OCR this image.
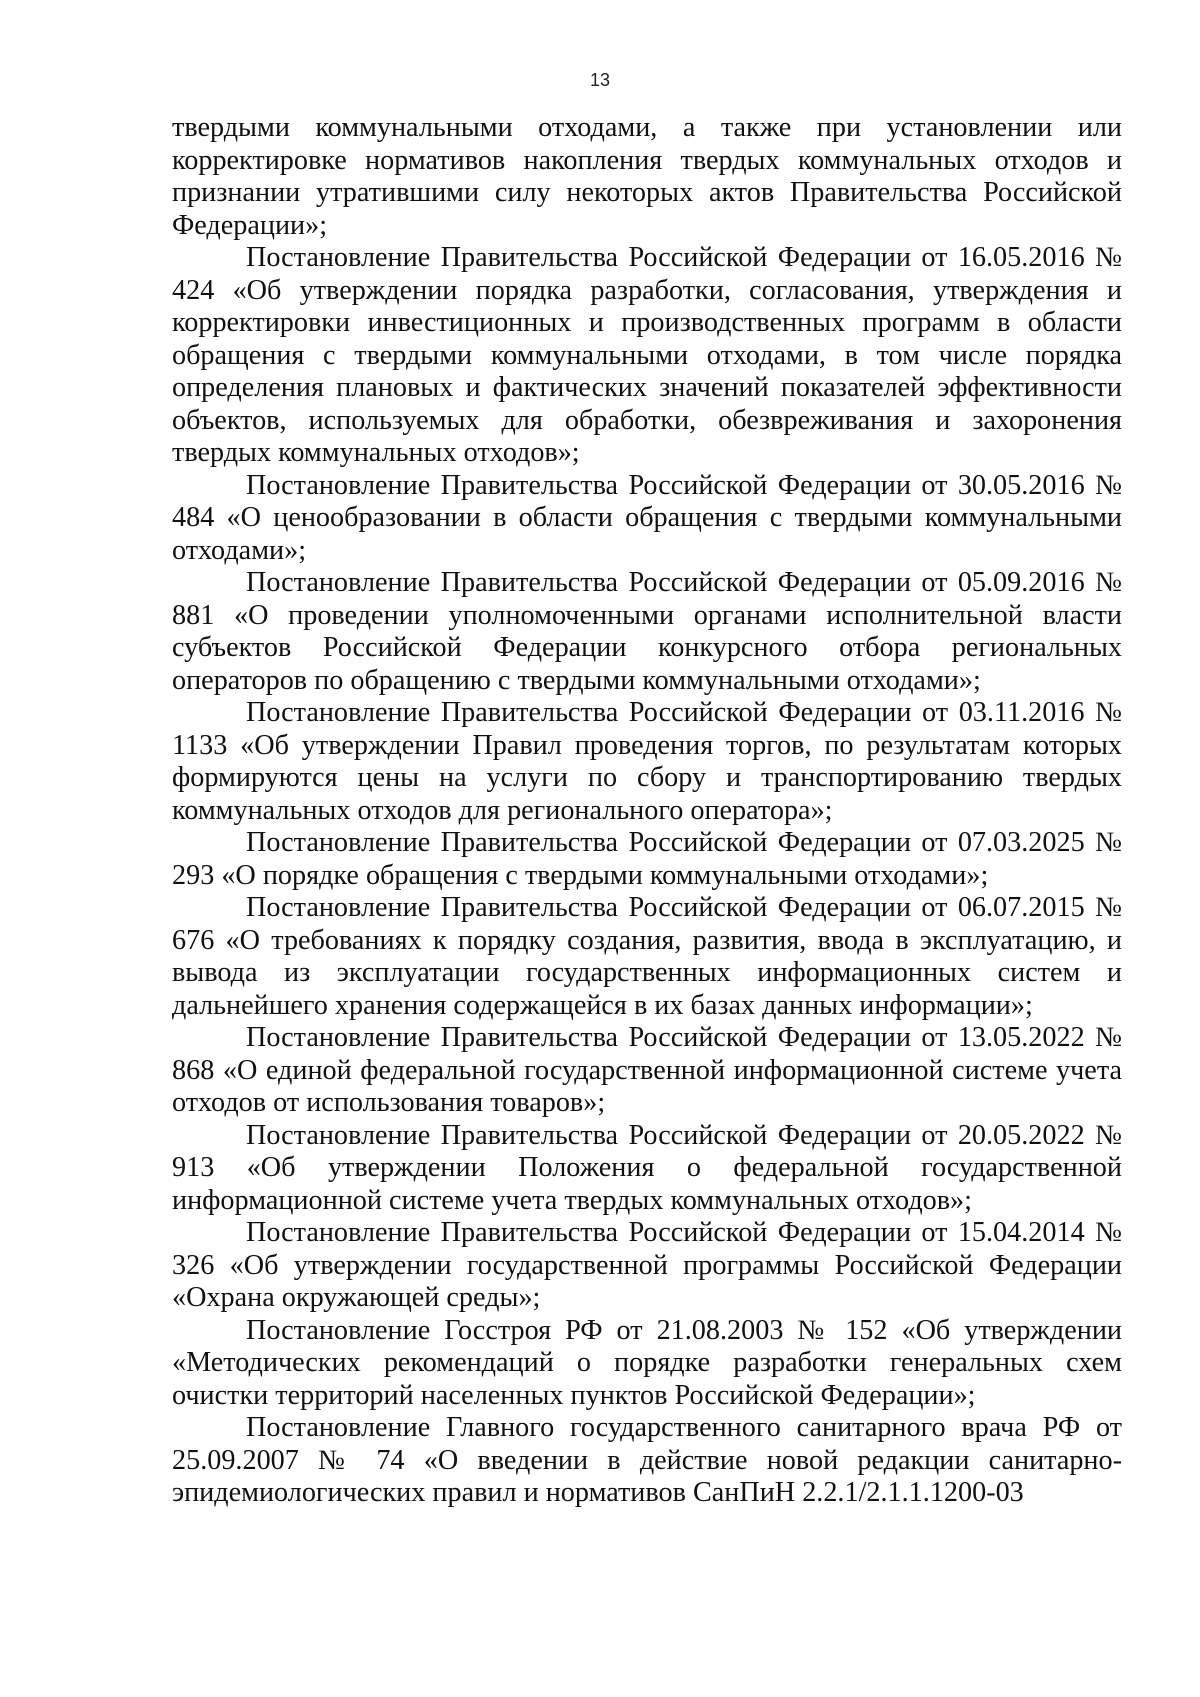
13

твердыми коммунальными отходами, а также при установлении или корректировке нормативов накопления твердых коммунальных отходов и признании утратившими силу некоторых актов Правительства Российской Федерации»;

Постановление Правительства Российской Федерации от 16.05.2016 № 424 «Об утверждении порядка разработки, согласования, утверждения и корректировки инвестиционных и производственных программ в области обращения с твердыми коммунальными отходами, в том числе порядка определения плановых и фактических значений показателей эффективности объектов, используемых для обработки, обезвреживания и захоронения твердых коммунальных отходов»;

Постановление Правительства Российской Федерации от 30.05.2016 № 484 «О ценообразовании в области обращения с твердыми коммунальными отходами»;

Постановление Правительства Российской Федерации от 05.09.2016 № 881 «О проведении уполномоченными органами исполнительной власти субъектов Российской Федерации конкурсного отбора региональных операторов по обращению с твердыми коммунальными отходами»;

Постановление Правительства Российской Федерации от 03.11.2016 № 1133 «Об утверждении Правил проведения торгов, по результатам которых формируются цены на услуги по сбору и транспортированию твердых коммунальных отходов для регионального оператора»;

Постановление Правительства Российской Федерации от 07.03.2025 № 293 «О порядке обращения с твердыми коммунальными отходами»;

Постановление Правительства Российской Федерации от 06.07.2015 № 676 «О требованиях к порядку создания, развития, ввода в эксплуатацию, и вывода из эксплуатации государственных информационных систем и дальнейшего хранения содержащейся в их базах данных информации»;

Постановление Правительства Российской Федерации от 13.05.2022 № 868 «О единой федеральной государственной информационной системе учета отходов от использования товаров»;

Постановление Правительства Российской Федерации от 20.05.2022 № 913 «Об утверждении Положения о федеральной государственной информационной системе учета твердых коммунальных отходов»;

Постановление Правительства Российской Федерации от 15.04.2014 № 326 «Об утверждении государственной программы Российской Федерации «Охрана окружающей среды»;

Постановление Госстроя РФ от 21.08.2003 № 152 «Об утверждении «Методических рекомендаций о порядке разработки генеральных схем очистки территорий населенных пунктов Российской Федерации»;

Постановление Главного государственного санитарного врача РФ от 25.09.2007 № 74 «О введении в действие новой редакции санитарно-эпидемиологических правил и нормативов СанПиН 2.2.1/2.1.1.1200-03
